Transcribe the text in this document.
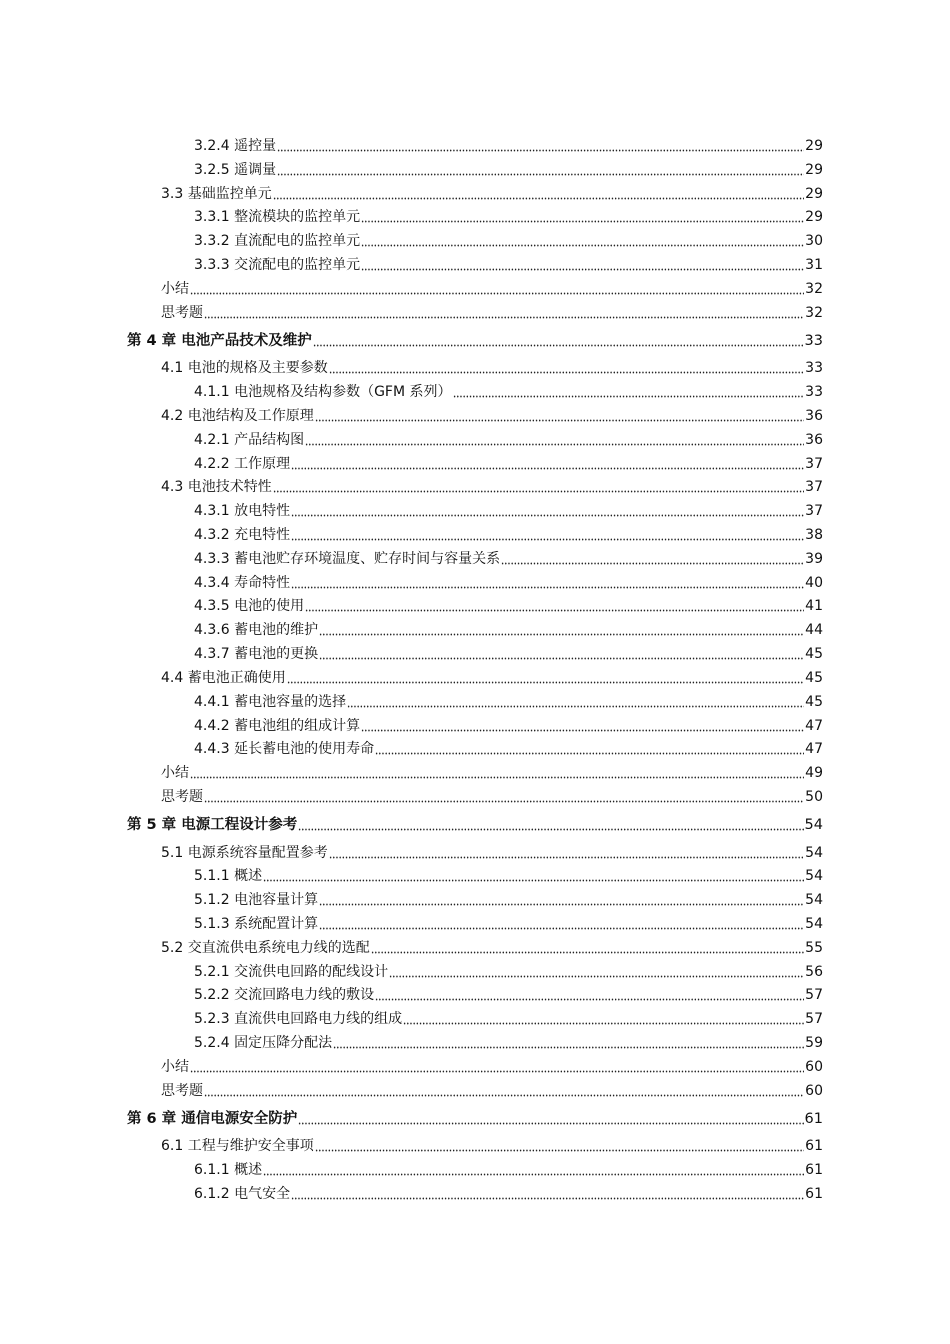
3.2.4 遥控量	29
3.2.5 遥调量	29
3.3 基础监控单元	29
3.3.1 整流模块的监控单元	29
3.3.2 直流配电的监控单元	30
3.3.3 交流配电的监控单元	31
小结	32
思考题	32
第 4 章 电池产品技术及维护	33
4.1 电池的规格及主要参数	33
4.1.1 电池规格及结构参数（GFM 系列）	33
4.2 电池结构及工作原理	36
4.2.1 产品结构图	36
4.2.2 工作原理	37
4.3 电池技术特性	37
4.3.1 放电特性	37
4.3.2 充电特性	38
4.3.3 蓄电池贮存环境温度、贮存时间与容量关系	39
4.3.4 寿命特性	40
4.3.5 电池的使用	41
4.3.6 蓄电池的维护	44
4.3.7 蓄电池的更换	45
4.4 蓄电池正确使用	45
4.4.1 蓄电池容量的选择	45
4.4.2 蓄电池组的组成计算	47
4.4.3 延长蓄电池的使用寿命	47
小结	49
思考题	50
第 5 章 电源工程设计参考	54
5.1 电源系统容量配置参考	54
5.1.1 概述	54
5.1.2 电池容量计算	54
5.1.3 系统配置计算	54
5.2 交直流供电系统电力线的选配	55
5.2.1 交流供电回路的配线设计	56
5.2.2 交流回路电力线的敷设	57
5.2.3 直流供电回路电力线的组成	57
5.2.4 固定压降分配法	59
小结	60
思考题	60
第 6 章 通信电源安全防护	61
6.1 工程与维护安全事项	61
6.1.1 概述	61
6.1.2 电气安全	61
